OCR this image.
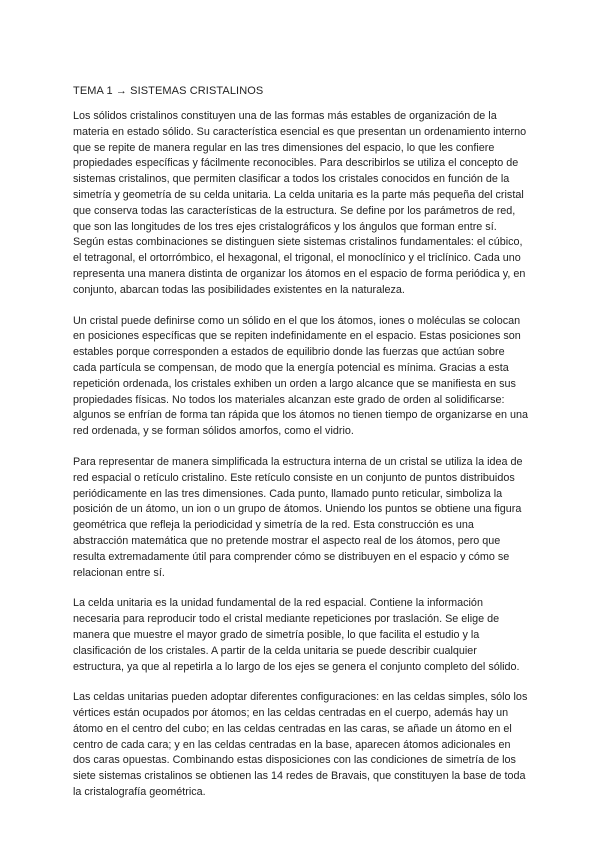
TEMA 1 → SISTEMAS CRISTALINOS

Los sólidos cristalinos constituyen una de las formas más estables de organización de la materia en estado sólido. Su característica esencial es que presentan un ordenamiento interno que se repite de manera regular en las tres dimensiones del espacio, lo que les confiere propiedades específicas y fácilmente reconocibles. Para describirlos se utiliza el concepto de sistemas cristalinos, que permiten clasificar a todos los cristales conocidos en función de la simetría y geometría de su celda unitaria. La celda unitaria es la parte más pequeña del cristal que conserva todas las características de la estructura. Se define por los parámetros de red, que son las longitudes de los tres ejes cristalográficos y los ángulos que forman entre sí. Según estas combinaciones se distinguen siete sistemas cristalinos fundamentales: el cúbico, el tetragonal, el ortorrómbico, el hexagonal, el trigonal, el monoclínico y el triclínico. Cada uno representa una manera distinta de organizar los átomos en el espacio de forma periódica y, en conjunto, abarcan todas las posibilidades existentes en la naturaleza.

Un cristal puede definirse como un sólido en el que los átomos, iones o moléculas se colocan en posiciones específicas que se repiten indefinidamente en el espacio. Estas posiciones son estables porque corresponden a estados de equilibrio donde las fuerzas que actúan sobre cada partícula se compensan, de modo que la energía potencial es mínima. Gracias a esta repetición ordenada, los cristales exhiben un orden a largo alcance que se manifiesta en sus propiedades físicas. No todos los materiales alcanzan este grado de orden al solidificarse: algunos se enfrían de forma tan rápida que los átomos no tienen tiempo de organizarse en una red ordenada, y se forman sólidos amorfos, como el vidrio.

Para representar de manera simplificada la estructura interna de un cristal se utiliza la idea de red espacial o retículo cristalino. Este retículo consiste en un conjunto de puntos distribuidos periódicamente en las tres dimensiones. Cada punto, llamado punto reticular, simboliza la posición de un átomo, un ion o un grupo de átomos. Uniendo los puntos se obtiene una figura geométrica que refleja la periodicidad y simetría de la red. Esta construcción es una abstracción matemática que no pretende mostrar el aspecto real de los átomos, pero que resulta extremadamente útil para comprender cómo se distribuyen en el espacio y cómo se relacionan entre sí.

La celda unitaria es la unidad fundamental de la red espacial. Contiene la información necesaria para reproducir todo el cristal mediante repeticiones por traslación. Se elige de manera que muestre el mayor grado de simetría posible, lo que facilita el estudio y la clasificación de los cristales. A partir de la celda unitaria se puede describir cualquier estructura, ya que al repetirla a lo largo de los ejes se genera el conjunto completo del sólido.

Las celdas unitarias pueden adoptar diferentes configuraciones: en las celdas simples, sólo los vértices están ocupados por átomos; en las celdas centradas en el cuerpo, además hay un átomo en el centro del cubo; en las celdas centradas en las caras, se añade un átomo en el centro de cada cara; y en las celdas centradas en la base, aparecen átomos adicionales en dos caras opuestas. Combinando estas disposiciones con las condiciones de simetría de los siete sistemas cristalinos se obtienen las 14 redes de Bravais, que constituyen la base de toda la cristalografía geométrica.
